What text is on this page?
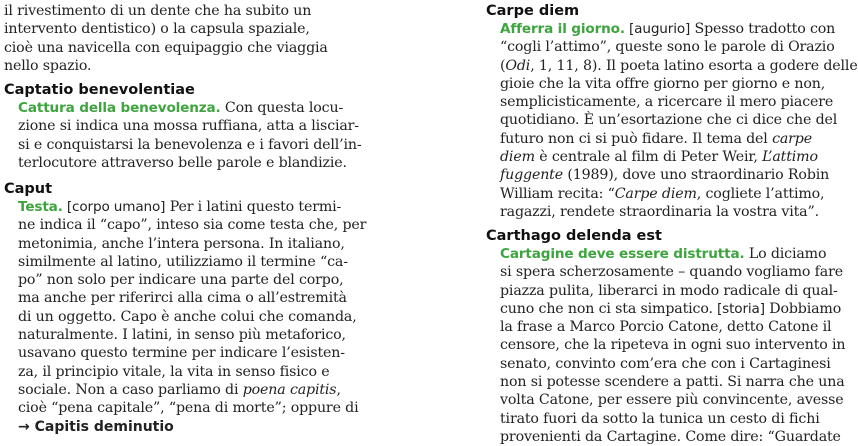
il rivestimento di un dente che ha subito un
intervento dentistico) o la capsula spaziale,
cioè una navicella con equipaggio che viaggia
nello spazio.
Captatio benevolentiae
Cattura della benevolenza. Con questa locu-
zione si indica una mossa ruffiana, atta a lisciar-
si e conquistarsi la benevolenza e i favori dell’in-
terlocutore attraverso belle parole e blandizie.
Caput
Testa. [corpo umano] Per i latini questo termi-
ne indica il “capo”, inteso sia come testa che, per
metonimia, anche l’intera persona. In italiano,
similmente al latino, utilizziamo il termine “ca-
po” non solo per indicare una parte del corpo,
ma anche per riferirci alla cima o all’estremità
di un oggetto. Capo è anche colui che comanda,
naturalmente. I latini, in senso più metaforico,
usavano questo termine per indicare l’esisten-
za, il principio vitale, la vita in senso fisico e
sociale. Non a caso parliamo di poena capitis,
cioè “pena capitale”, “pena di morte”; oppure di
→ Capitis deminutio
Carpe diem
Afferra il giorno. [augurio] Spesso tradotto con
“cogli l’attimo”, queste sono le parole di Orazio
(Odi, 1, 11, 8). Il poeta latino esorta a godere delle
gioie che la vita offre giorno per giorno e non,
semplicisticamente, a ricercare il mero piacere
quotidiano. È un’esortazione che ci dice che del
futuro non ci si può fidare. Il tema del carpe
diem è centrale al film di Peter Weir, L’attimo
fuggente (1989), dove uno straordinario Robin
William recita: “Carpe diem, cogliete l’attimo,
ragazzi, rendete straordinaria la vostra vita”.
Carthago delenda est
Cartagine deve essere distrutta. Lo diciamo
si spera scherzosamente – quando vogliamo fare
piazza pulita, liberarci in modo radicale di qual-
cuno che non ci sta simpatico. [storia] Dobbiamo
la frase a Marco Porcio Catone, detto Catone il
censore, che la ripeteva in ogni suo intervento in
senato, convinto com’era che con i Cartaginesi
non si potesse scendere a patti. Si narra che una
volta Catone, per essere più convincente, avesse
tirato fuori da sotto la tunica un cesto di fichi
provenienti da Cartagine. Come dire: “Guardate
